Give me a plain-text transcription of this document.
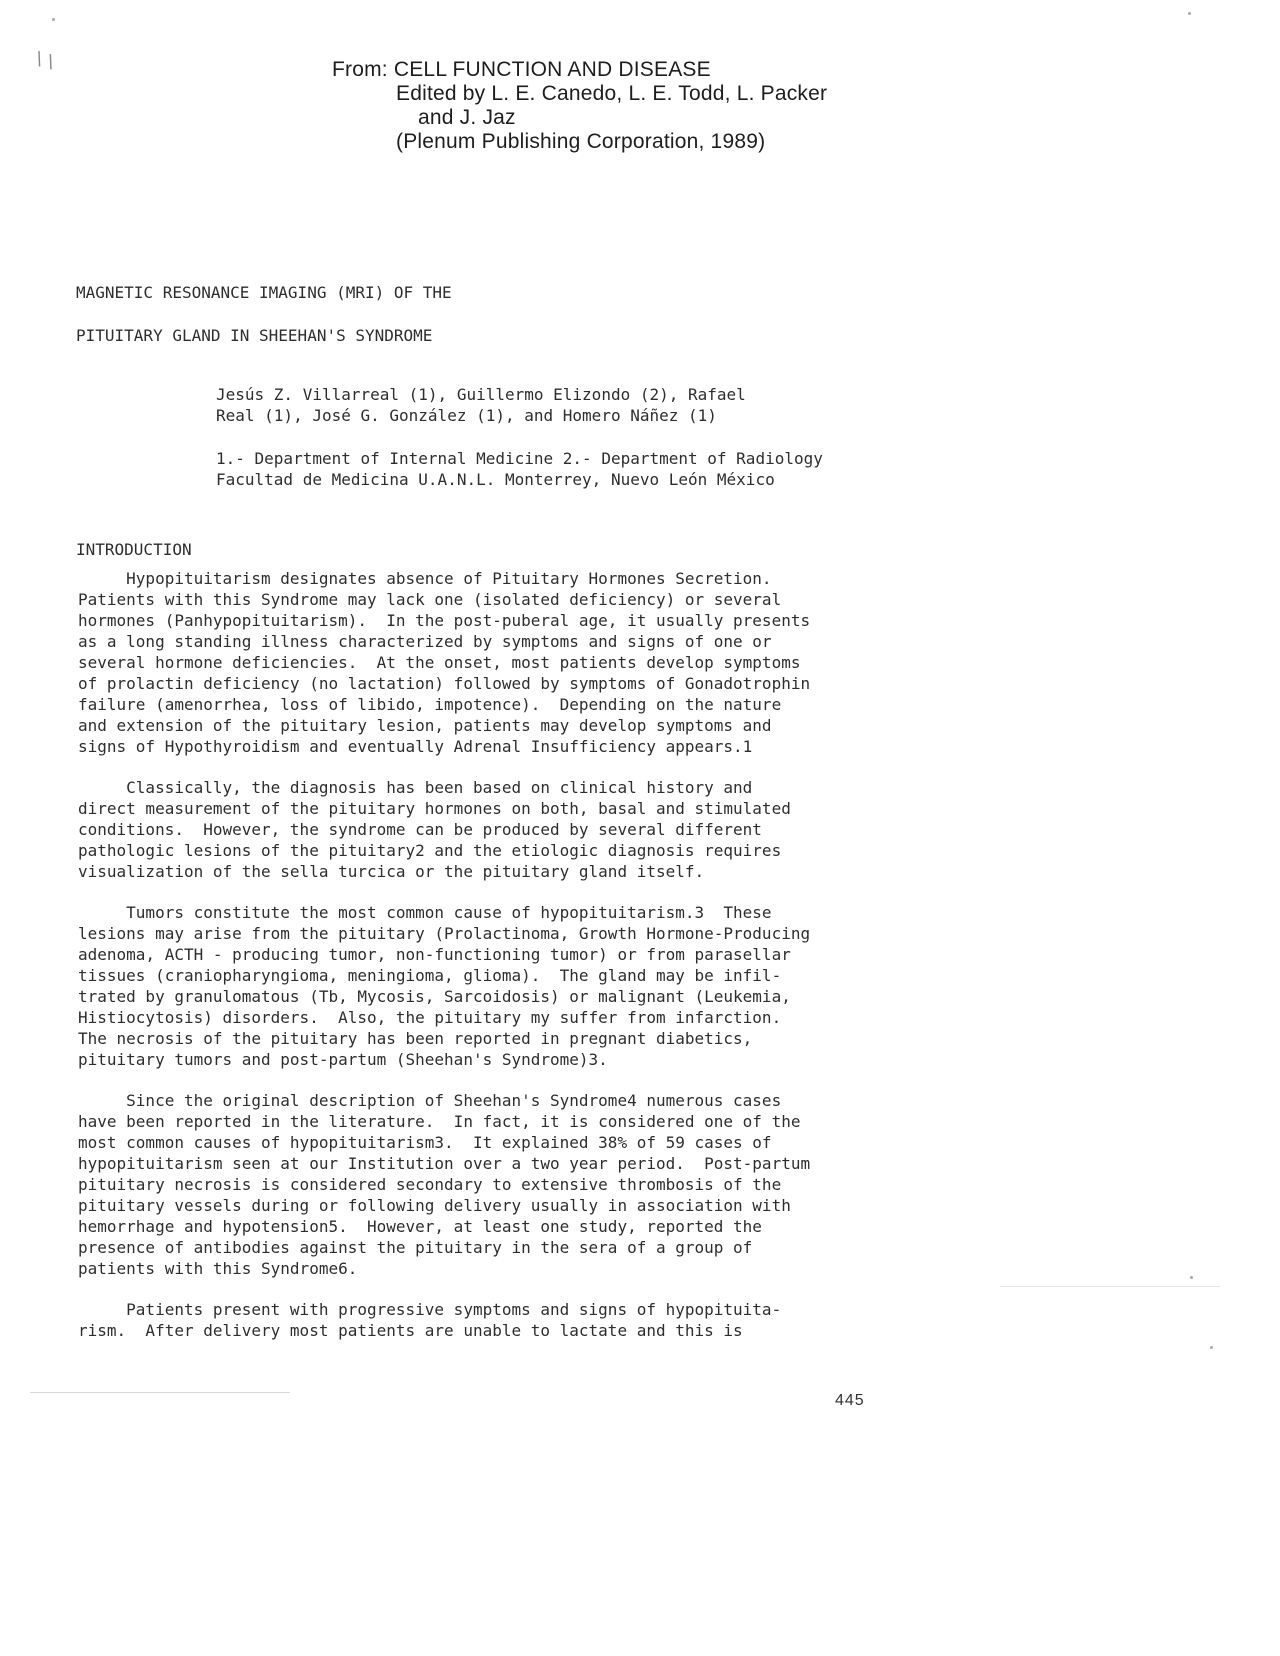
\ \	From: CELL FUNCTION AND DISEASE
Edited by L. E. Canedo, L. E. Todd, L. Packer
and J. Jaz
(Plenum Publishing Corporation, 1989)
MAGNETIC RESONANCE IMAGING (MRI) OF THE
PITUITARY GLAND IN SHEEHAN'S SYNDROME
Jesús Z. Villarreal (1), Guillermo Elizondo (2), Rafael
Real (1), José G. González (1), and Homero Náñez (1)
1.- Department of Internal Medicine 2.- Department of Radiology
Facultad de Medicina U.A.N.L. Monterrey, Nuevo León México
INTRODUCTION
Hypopituitarism designates absence of Pituitary Hormones Secretion.
Patients with this Syndrome may lack one (isolated deficiency) or several
hormones (Panhypopituitarism).  In the post-puberal age, it usually presents
as a long standing illness characterized by symptoms and signs of one or
several hormone deficiencies.  At the onset, most patients develop symptoms
of prolactin deficiency (no lactation) followed by symptoms of Gonadotrophin
failure (amenorrhea, loss of libido, impotence).  Depending on the nature
and extension of the pituitary lesion, patients may develop symptoms and
signs of Hypothyroidism and eventually Adrenal Insufficiency appears.1
Classically, the diagnosis has been based on clinical history and
direct measurement of the pituitary hormones on both, basal and stimulated
conditions.  However, the syndrome can be produced by several different
pathologic lesions of the pituitary2 and the etiologic diagnosis requires
visualization of the sella turcica or the pituitary gland itself.
Tumors constitute the most common cause of hypopituitarism.3  These
lesions may arise from the pituitary (Prolactinoma, Growth Hormone-Producing
adenoma, ACTH - producing tumor, non-functioning tumor) or from parasellar
tissues (craniopharyngioma, meningioma, glioma).  The gland may be infil-
trated by granulomatous (Tb, Mycosis, Sarcoidosis) or malignant (Leukemia,
Histiocytosis) disorders.  Also, the pituitary my suffer from infarction.
The necrosis of the pituitary has been reported in pregnant diabetics,
pituitary tumors and post-partum (Sheehan's Syndrome)3.
Since the original description of Sheehan's Syndrome4 numerous cases
have been reported in the literature.  In fact, it is considered one of the
most common causes of hypopituitarism3.  It explained 38% of 59 cases of
hypopituitarism seen at our Institution over a two year period.  Post-partum
pituitary necrosis is considered secondary to extensive thrombosis of the
pituitary vessels during or following delivery usually in association with
hemorrhage and hypotension5.  However, at least one study, reported the
presence of antibodies against the pituitary in the sera of a group of
patients with this Syndrome6.
Patients present with progressive symptoms and signs of hypopituita-
rism.  After delivery most patients are unable to lactate and this is
445
